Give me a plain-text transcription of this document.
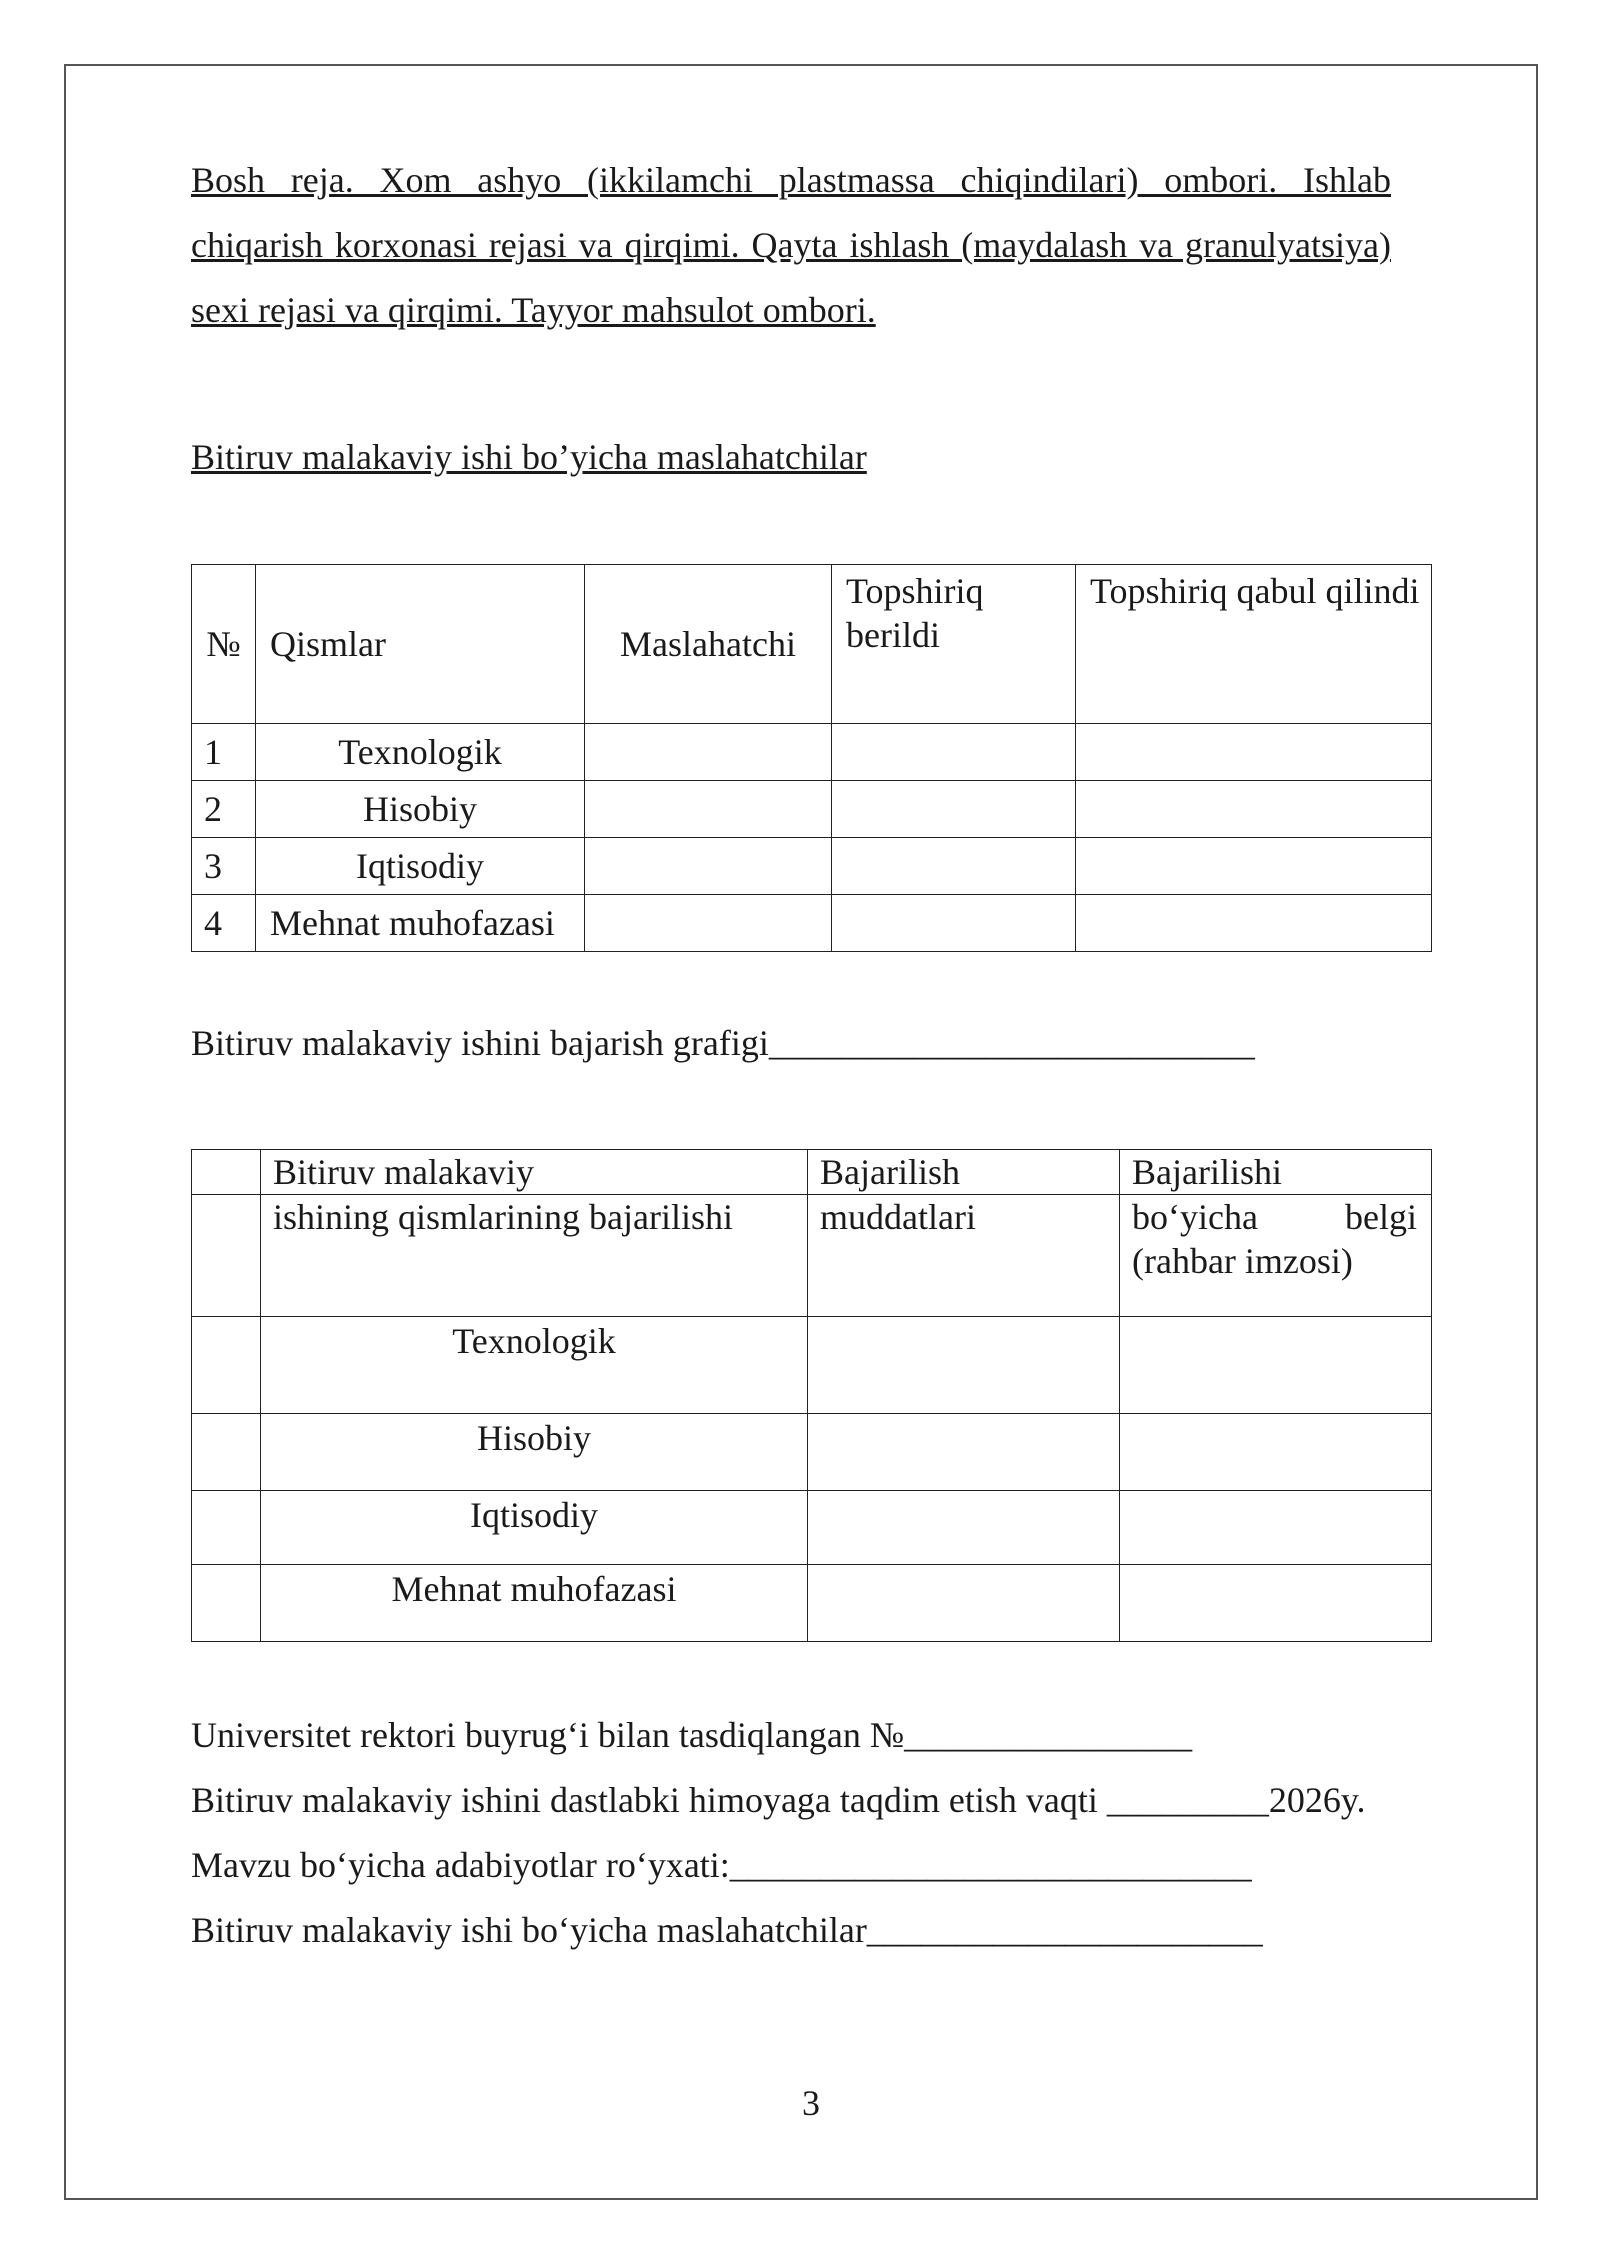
Bosh reja. Xom ashyo (ikkilamchi plastmassa chiqindilari) ombori. Ishlab chiqarish korxonasi rejasi va qirqimi. Qayta ishlash (maydalash va granulyatsiya) sexi rejasi va qirqimi. Tayyor mahsulot ombori.
Bitiruv malakaviy ishi bo’yicha maslahatchilar
№	Qismlar	Maslahatchi	Topshiriq berildi	Topshiriq qabul qilindi
1	Texnologik			
2	Hisobiy			
3	Iqtisodiy			
4	Mehnat muhofazasi			
Bitiruv malakaviy ishini bajarish grafigi___________________________
	Bitiruv malakaviy	Bajarilish	Bajarilishi
	ishining qismlarining bajarilishi	muddatlari	bo‘yicha belgi
(rahbar imzosi)

	Texnologik		
	Hisobiy		
	Iqtisodiy		
	Mehnat muhofazasi		
Universitet rektori buyrug‘i bilan tasdiqlangan №________________
Bitiruv malakaviy ishini dastlabki himoyaga taqdim etish vaqti _________2026y.
Mavzu bo‘yicha adabiyotlar ro‘yxati:_____________________________
Bitiruv malakaviy ishi bo‘yicha maslahatchilar______________________
3
